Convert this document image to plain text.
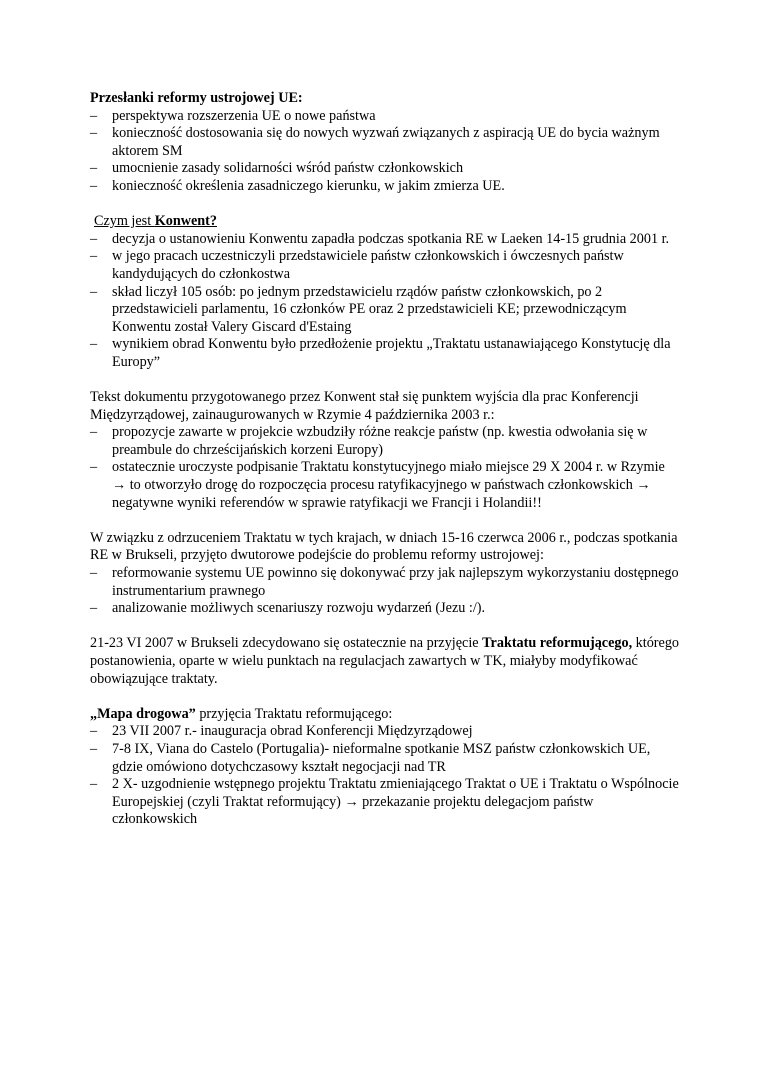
Przesłanki reformy ustrojowej UE:

– perspektywa rozszerzenia UE o nowe państwa
– konieczność dostosowania się do nowych wyzwań związanych z aspiracją UE do bycia ważnym aktorem SM
– umocnienie zasady solidarności wśród państw członkowskich
– konieczność określenia zasadniczego kierunku, w jakim zmierza UE.

Czym jest Konwent?

– decyzja o ustanowieniu Konwentu zapadła podczas spotkania RE w Laeken 14-15 grudnia 2001 r.
– w jego pracach uczestniczyli przedstawiciele państw członkowskich i ówczesnych państw kandydujących do członkostwa
– skład liczył 105 osób: po jednym przedstawicielu rządów państw członkowskich, po 2 przedstawicieli parlamentu, 16 członków PE oraz 2 przedstawicieli KE; przewodniczącym Konwentu został Valery Giscard d'Estaing
– wynikiem obrad Konwentu było przedłożenie projektu „Traktatu ustanawiającego Konstytucję dla Europy”

Tekst dokumentu przygotowanego przez Konwent stał się punktem wyjścia dla prac Konferencji Międzyrządowej, zainaugurowanych w Rzymie 4 października 2003 r.:

– propozycje zawarte w projekcie wzbudziły różne reakcje państw (np. kwestia odwołania się w preambule do chrześcijańskich korzeni Europy)
– ostatecznie uroczyste podpisanie Traktatu konstytucyjnego miało miejsce 29 X 2004 r. w Rzymie → to otworzyło drogę do rozpoczęcia procesu ratyfikacyjnego w państwach członkowskich → negatywne wyniki referendów w sprawie ratyfikacji we Francji i Holandii!!

W związku z odrzuceniem Traktatu w tych krajach, w dniach 15-16 czerwca 2006 r., podczas spotkania RE w Brukseli, przyjęto dwutorowe podejście do problemu reformy ustrojowej:

– reformowanie systemu UE powinno się dokonywać przy jak najlepszym wykorzystaniu dostępnego instrumentarium prawnego
– analizowanie możliwych scenariuszy rozwoju wydarzeń (Jezu :/).

21-23 VI 2007 w Brukseli zdecydowano się ostatecznie na przyjęcie Traktatu reformującego, którego postanowienia, oparte w wielu punktach na regulacjach zawartych w TK, miałyby modyfikować obowiązujące traktaty.

„Mapa drogowa” przyjęcia Traktatu reformującego:

– 23 VII 2007 r.- inauguracja obrad Konferencji Międzyrządowej
– 7-8 IX, Viana do Castelo (Portugalia)- nieformalne spotkanie MSZ państw członkowskich UE, gdzie omówiono dotychczasowy kształt negocjacji nad TR
– 2 X- uzgodnienie wstępnego projektu Traktatu zmieniającego Traktat o UE i Traktatu o Wspólnocie Europejskiej (czyli Traktat reformujący) → przekazanie projektu delegacjom państw członkowskich
